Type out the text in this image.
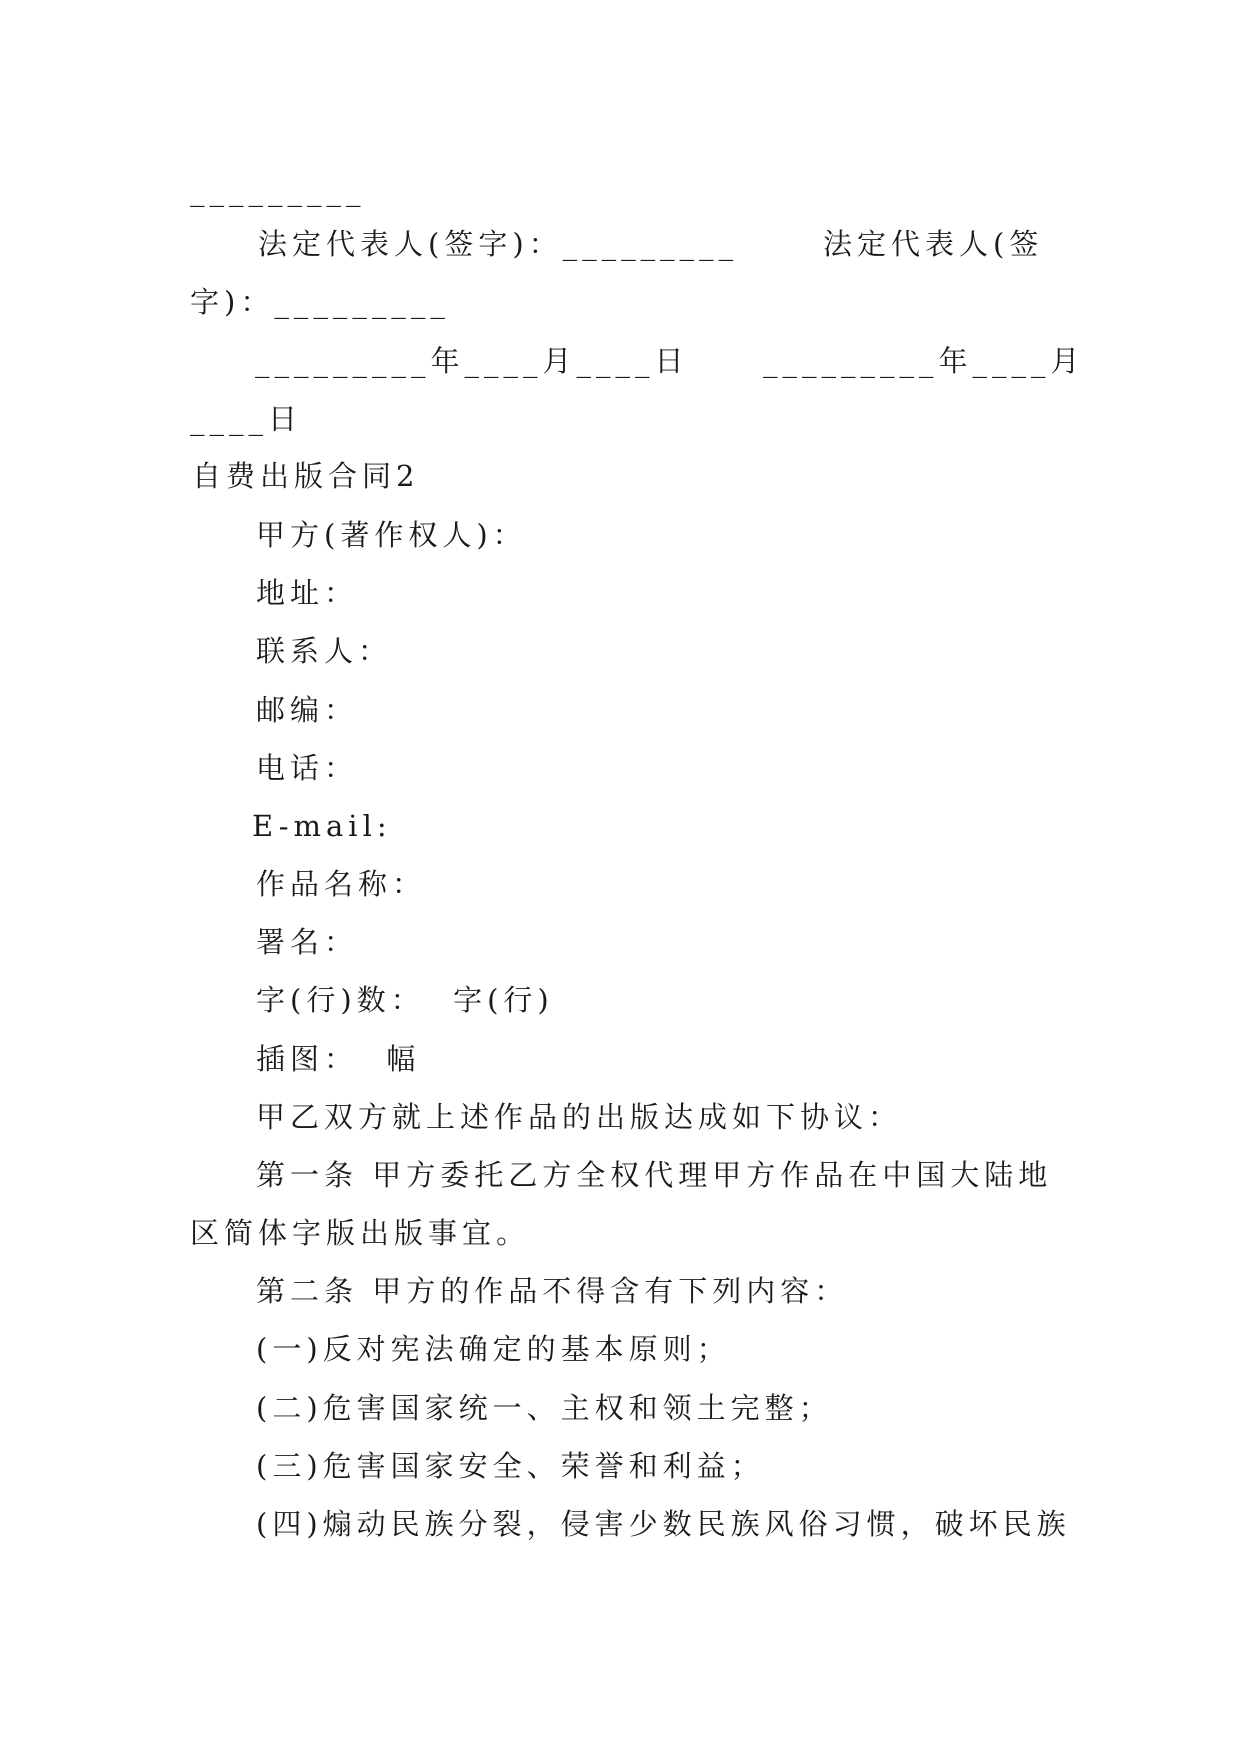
_________
法定代表人(签字)：_________	法定代表人(签
字)：_________
_________年____月____日	_________年____月
____日
自费出版合同2
甲方(著作权人)：
地址：
联系人：
邮编：
电话：
E-mail:
作品名称：
署名：
字(行)数：  字(行)
插图：  幅
甲乙双方就上述作品的出版达成如下协议：
第一条 甲方委托乙方全权代理甲方作品在中国大陆地
区简体字版出版事宜。
第二条 甲方的作品不得含有下列内容：
(一)反对宪法确定的基本原则；
(二)危害国家统一、主权和领土完整；
(三)危害国家安全、荣誉和利益；
(四)煽动民族分裂，侵害少数民族风俗习惯，破坏民族
